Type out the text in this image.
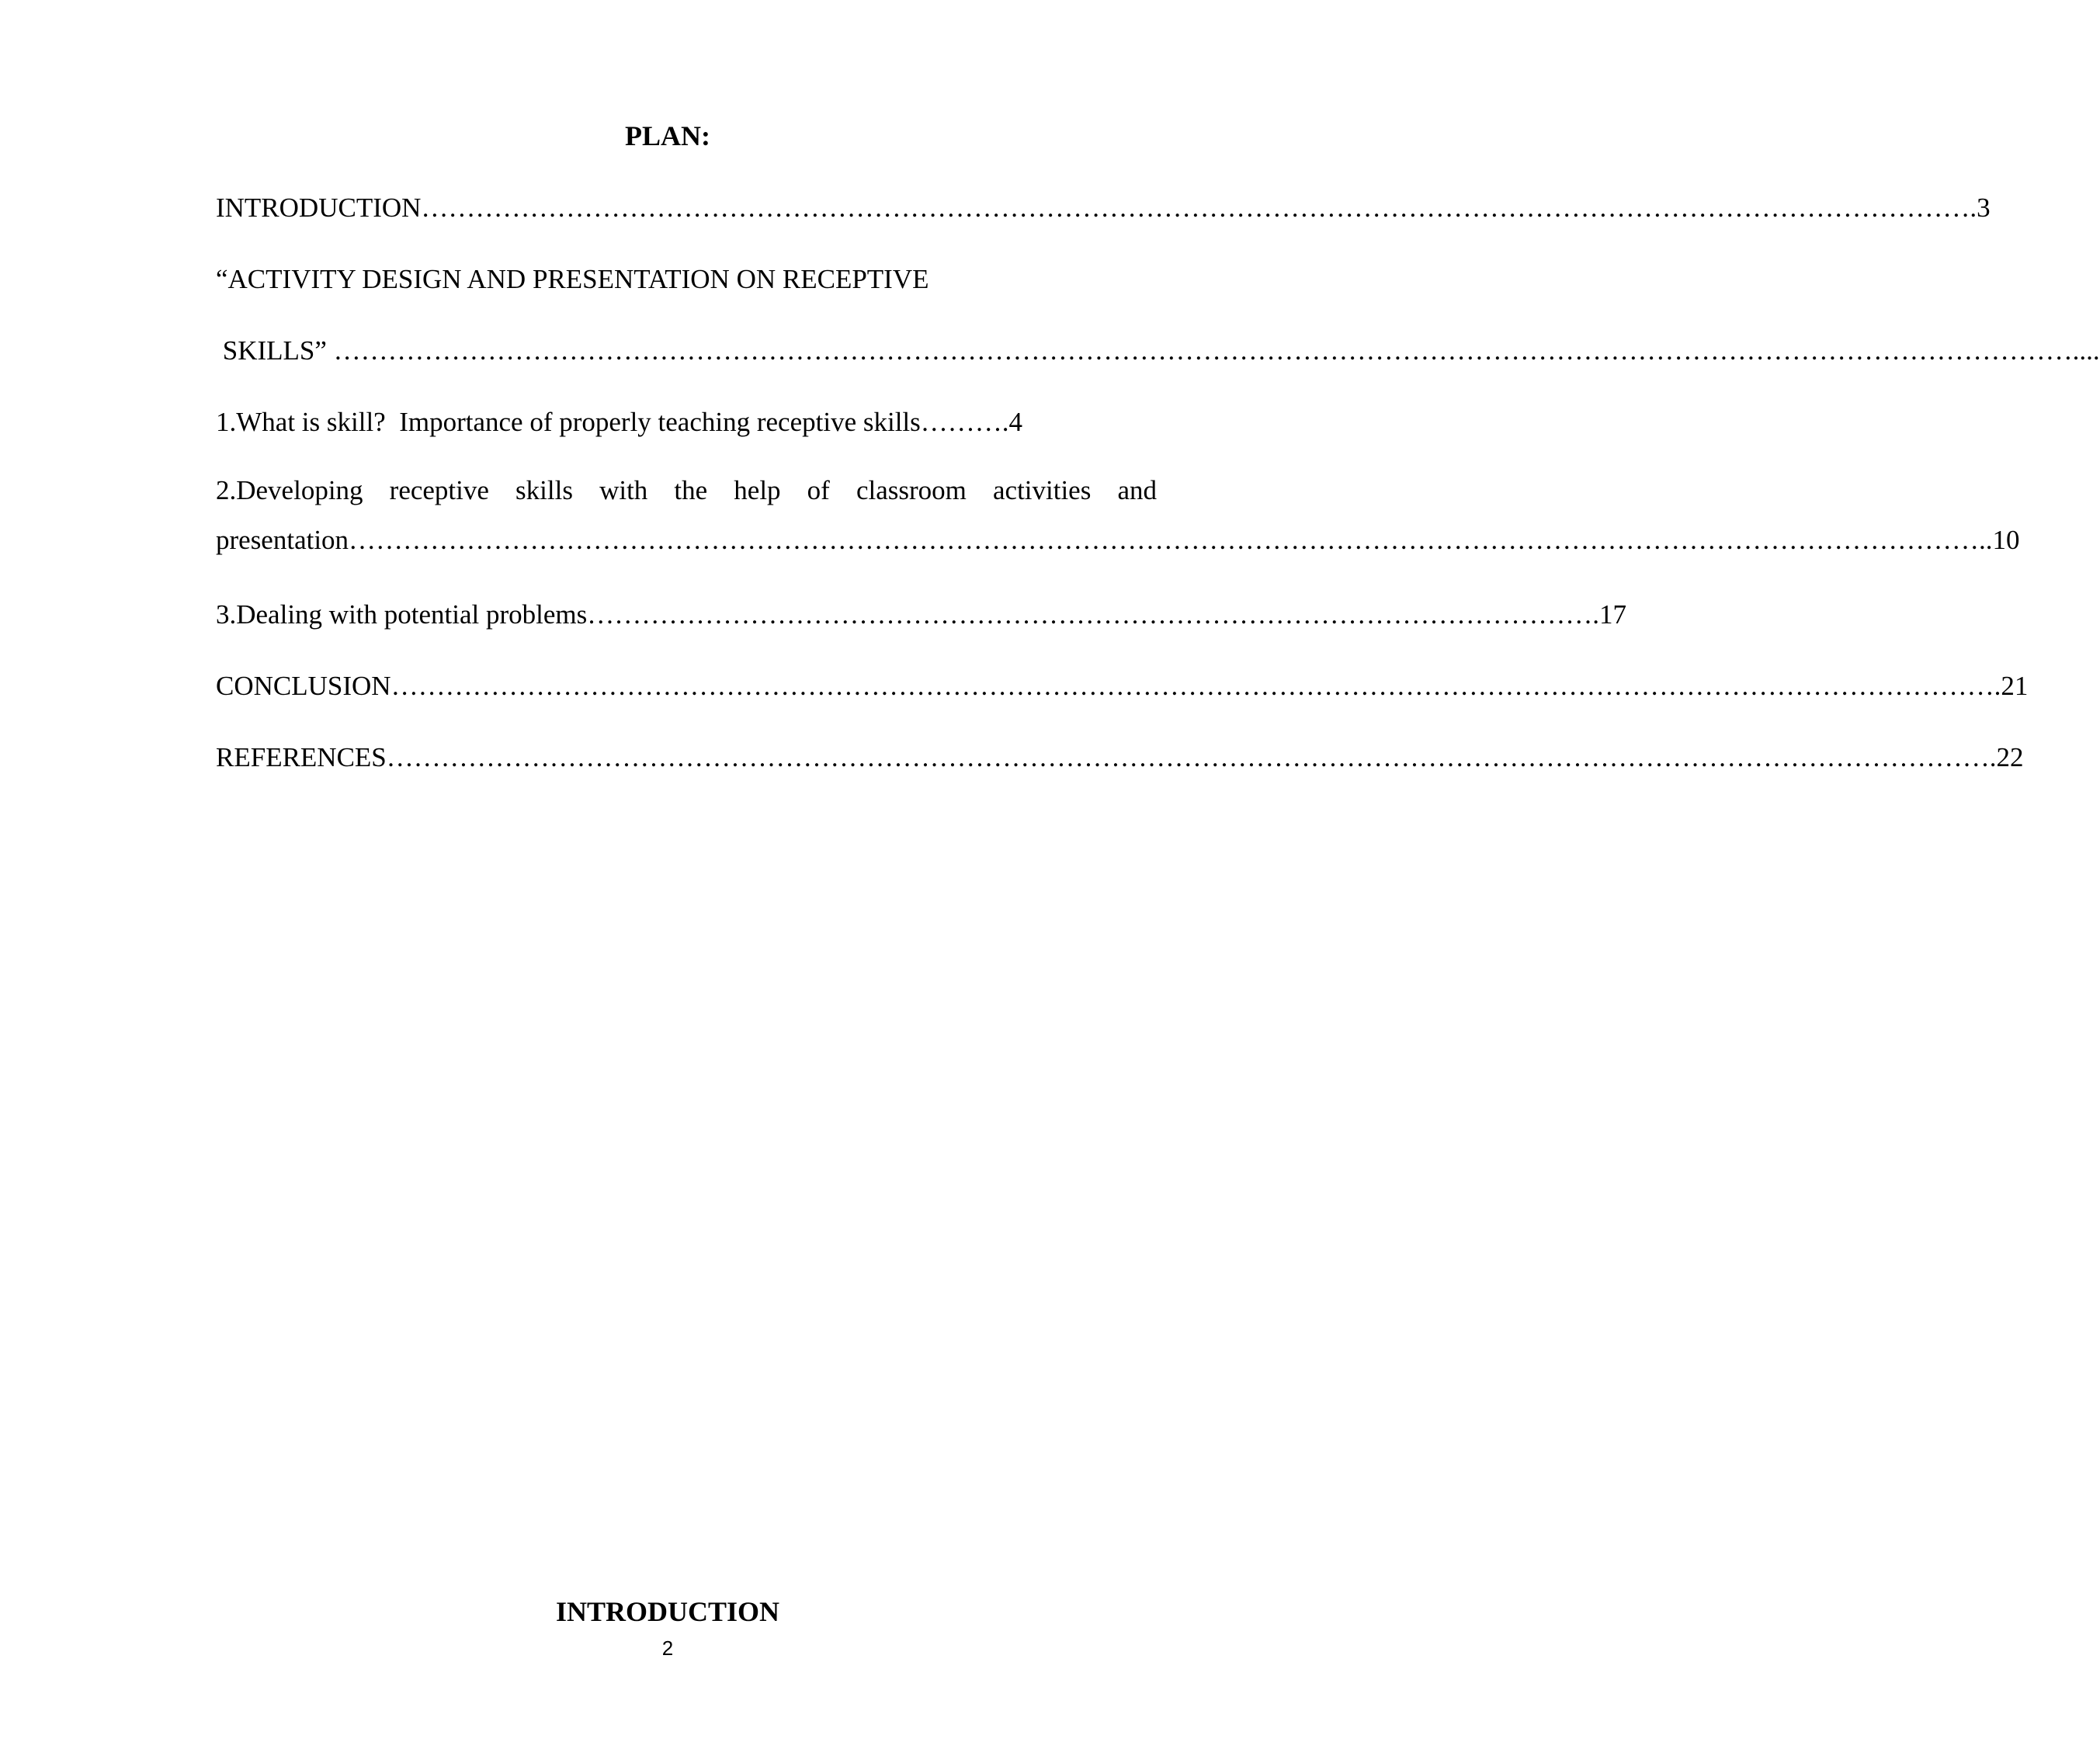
PLAN:

INTRODUCTION……………………………………………………………………………………………………………………………………………………….3

“ACTIVITY DESIGN AND PRESENTATION ON RECEPTIVE

SKILLS” …………………………………………………………………………………………………………………………………………………………………………....

1.What is skill?  Importance of properly teaching receptive skills……….4

2.Developing receptive skills with the help of classroom activities and
presentation………………………………………………………………………………………………………………………………………………………………..10

3.Dealing with potential problems………………………………………………………………………………………………….17

CONCLUSION…………………………………………………………………………………………………………………………………………………………….21

REFERENCES…………………………………………………………………………………………………………………………………………………………….22

INTRODUCTION
2
